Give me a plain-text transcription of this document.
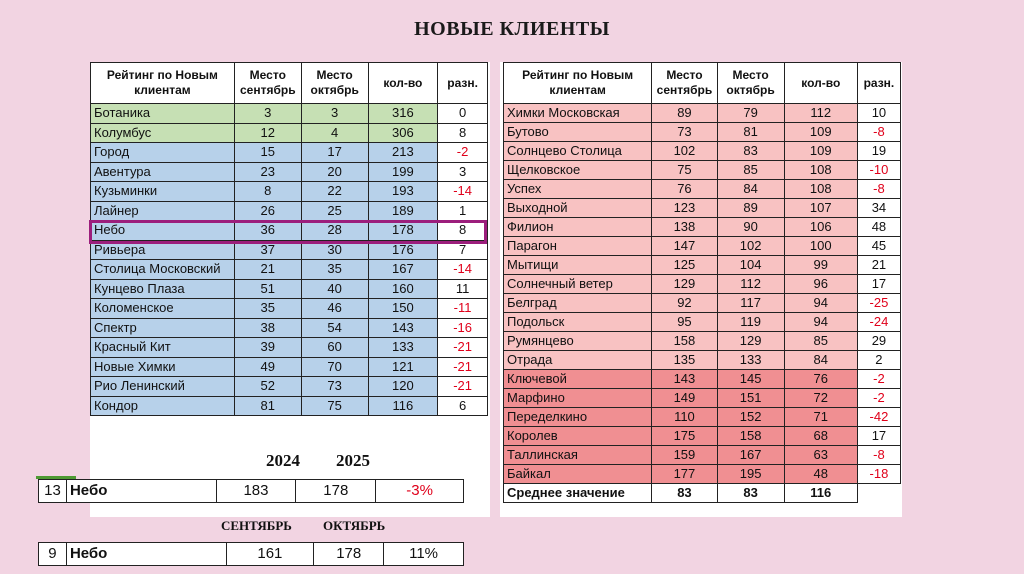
НОВЫЕ КЛИЕНТЫ
Рейтинг по Новым клиентам	Место сентябрь	Место октябрь	кол-во	разн.
Ботаника	3	3	316	0
Колумбус	12	4	306	8
Город	15	17	213	-2
Авентура	23	20	199	3
Кузьминки	8	22	193	-14
Лайнер	26	25	189	1
Небо	36	28	178	8
Ривьера	37	30	176	7
Столица Московский	21	35	167	-14
Кунцево Плаза	51	40	160	11
Коломенское	35	46	150	-11
Спектр	38	54	143	-16
Красный Кит	39	60	133	-21
Новые Химки	49	70	121	-21
Рио Ленинский	52	73	120	-21
Кондор	81	75	116	6
Рейтинг по Новым клиентам	Место сентябрь	Место октябрь	кол-во	разн.
Химки Московская	89	79	112	10
Бутово	73	81	109	-8
Солнцево Столица	102	83	109	19
Щелковское	75	85	108	-10
Успех	76	84	108	-8
Выходной	123	89	107	34
Филион	138	90	106	48
Парагон	147	102	100	45
Мытищи	125	104	99	21
Солнечный ветер	129	112	96	17
Белград	92	117	94	-25
Подольск	95	119	94	-24
Румянцево	158	129	85	29
Отрада	135	133	84	2
Ключевой	143	145	76	-2
Марфино	149	151	72	-2
Переделкино	110	152	71	-42
Королев	175	158	68	17
Таллинская	159	167	63	-8
Байкал	177	195	48	-18
Среднее значение	83	83	116	
2024 2025
13	Небо	183	178	-3%
СЕНТЯБРЬ ОКТЯБРЬ
9	Небо	161	178	11%
